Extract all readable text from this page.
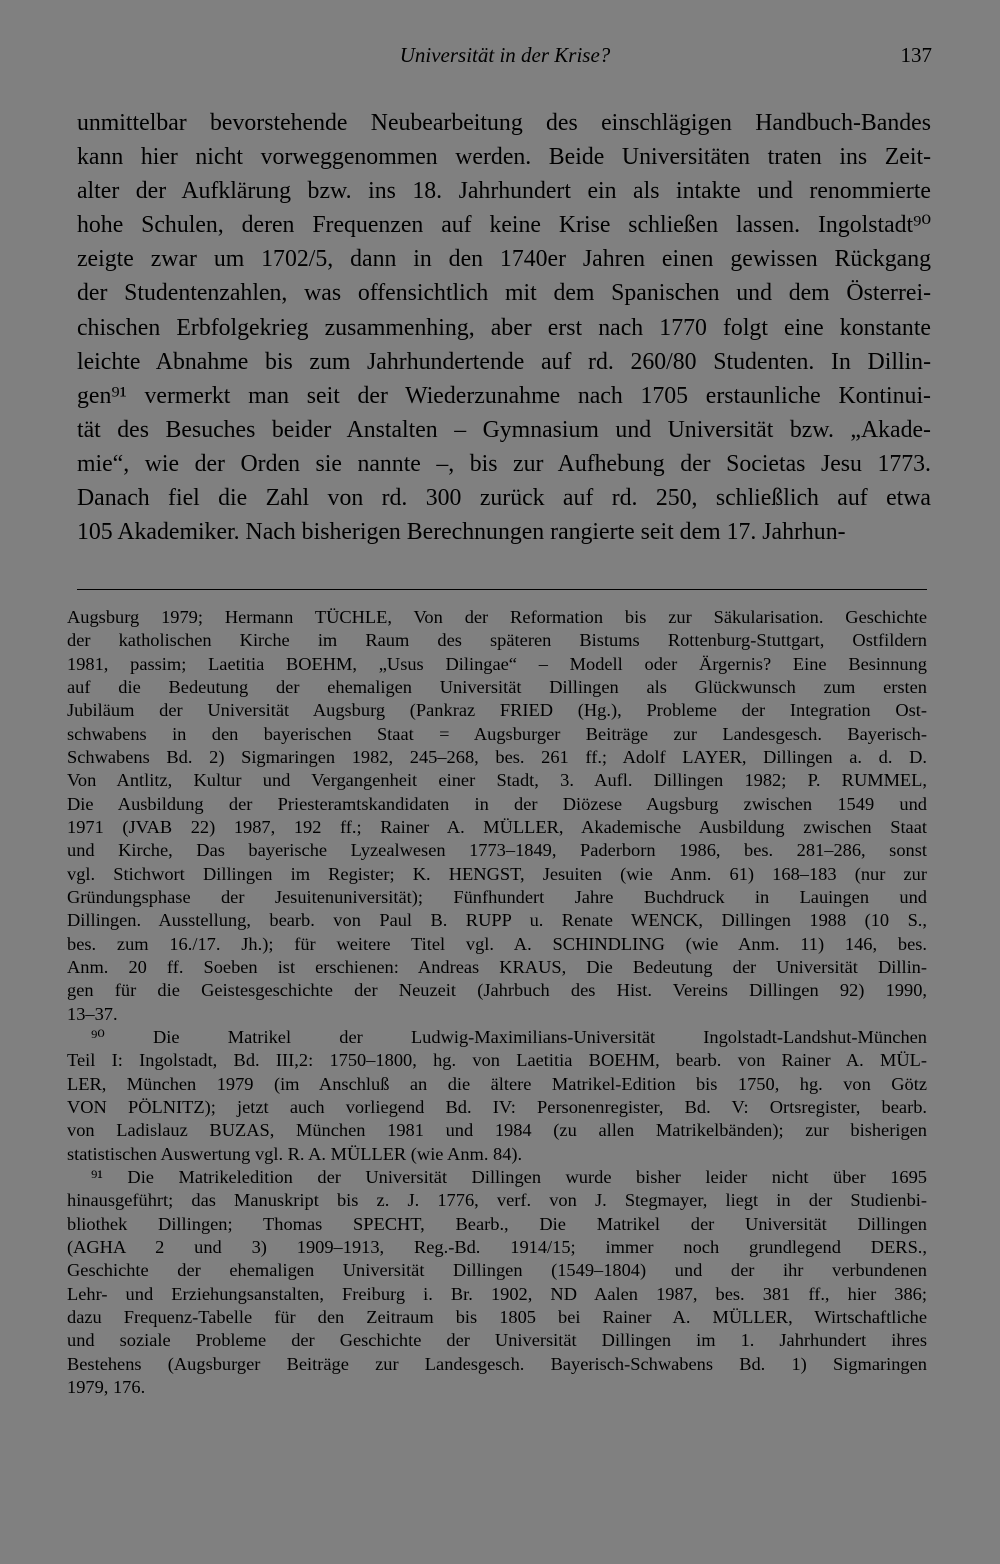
Universität in der Krise?	137
unmittelbar bevorstehende Neubearbeitung des einschlägigen Handbuch-Bandes
kann hier nicht vorweggenommen werden. Beide Universitäten traten ins Zeit-
alter der Aufklärung bzw. ins 18. Jahrhundert ein als intakte und renommierte
hohe Schulen, deren Frequenzen auf keine Krise schließen lassen. Ingolstadt⁹⁰
zeigte zwar um 1702/5, dann in den 1740er Jahren einen gewissen Rückgang
der Studentenzahlen, was offensichtlich mit dem Spanischen und dem Österrei-
chischen Erbfolgekrieg zusammenhing, aber erst nach 1770 folgt eine konstante
leichte Abnahme bis zum Jahrhundertende auf rd. 260/80 Studenten. In Dillin-
gen⁹¹ vermerkt man seit der Wiederzunahme nach 1705 erstaunliche Kontinui-
tät des Besuches beider Anstalten – Gymnasium und Universität bzw. „Akade-
mie“, wie der Orden sie nannte –, bis zur Aufhebung der Societas Jesu 1773.
Danach fiel die Zahl von rd. 300 zurück auf rd. 250, schließlich auf etwa
105 Akademiker. Nach bisherigen Berechnungen rangierte seit dem 17. Jahrhun-
Augsburg 1979; Hermann TÜCHLE, Von der Reformation bis zur Säkularisation. Geschichte
der katholischen Kirche im Raum des späteren Bistums Rottenburg-Stuttgart, Ostfildern
1981, passim; Laetitia BOEHM, „Usus Dilingae“ – Modell oder Ärgernis? Eine Besinnung
auf die Bedeutung der ehemaligen Universität Dillingen als Glückwunsch zum ersten
Jubiläum der Universität Augsburg (Pankraz FRIED (Hg.), Probleme der Integration Ost-
schwabens in den bayerischen Staat = Augsburger Beiträge zur Landesgesch. Bayerisch-
Schwabens Bd. 2) Sigmaringen 1982, 245–268, bes. 261 ff.; Adolf LAYER, Dillingen a. d. D.
Von Antlitz, Kultur und Vergangenheit einer Stadt, 3. Aufl. Dillingen 1982; P. RUMMEL,
Die Ausbildung der Priesteramtskandidaten in der Diözese Augsburg zwischen 1549 und
1971 (JVAB 22) 1987, 192 ff.; Rainer A. MÜLLER, Akademische Ausbildung zwischen Staat
und Kirche, Das bayerische Lyzealwesen 1773–1849, Paderborn 1986, bes. 281–286, sonst
vgl. Stichwort Dillingen im Register; K. HENGST, Jesuiten (wie Anm. 61) 168–183 (nur zur
Gründungsphase der Jesuitenuniversität); Fünfhundert Jahre Buchdruck in Lauingen und
Dillingen. Ausstellung, bearb. von Paul B. RUPP u. Renate WENCK, Dillingen 1988 (10 S.,
bes. zum 16./17. Jh.); für weitere Titel vgl. A. SCHINDLING (wie Anm. 11) 146, bes.
Anm. 20 ff. Soeben ist erschienen: Andreas KRAUS, Die Bedeutung der Universität Dillin-
gen für die Geistesgeschichte der Neuzeit (Jahrbuch des Hist. Vereins Dillingen 92) 1990,
13–37.
⁹⁰ Die Matrikel der Ludwig-Maximilians-Universität Ingolstadt-Landshut-München
Teil I: Ingolstadt, Bd. III,2: 1750–1800, hg. von Laetitia BOEHM, bearb. von Rainer A. MÜL-
LER, München 1979 (im Anschluß an die ältere Matrikel-Edition bis 1750, hg. von Götz
VON PÖLNITZ); jetzt auch vorliegend Bd. IV: Personenregister, Bd. V: Ortsregister, bearb.
von Ladislauz BUZAS, München 1981 und 1984 (zu allen Matrikelbänden); zur bisherigen
statistischen Auswertung vgl. R. A. MÜLLER (wie Anm. 84).
⁹¹ Die Matrikeledition der Universität Dillingen wurde bisher leider nicht über 1695
hinausgeführt; das Manuskript bis z. J. 1776, verf. von J. Stegmayer, liegt in der Studienbi-
bliothek Dillingen; Thomas SPECHT, Bearb., Die Matrikel der Universität Dillingen
(AGHA 2 und 3) 1909–1913, Reg.-Bd. 1914/15; immer noch grundlegend DERS.,
Geschichte der ehemaligen Universität Dillingen (1549–1804) und der ihr verbundenen
Lehr- und Erziehungsanstalten, Freiburg i. Br. 1902, ND Aalen 1987, bes. 381 ff., hier 386;
dazu Frequenz-Tabelle für den Zeitraum bis 1805 bei Rainer A. MÜLLER, Wirtschaftliche
und soziale Probleme der Geschichte der Universität Dillingen im 1. Jahrhundert ihres
Bestehens (Augsburger Beiträge zur Landesgesch. Bayerisch-Schwabens Bd. 1) Sigmaringen
1979, 176.
